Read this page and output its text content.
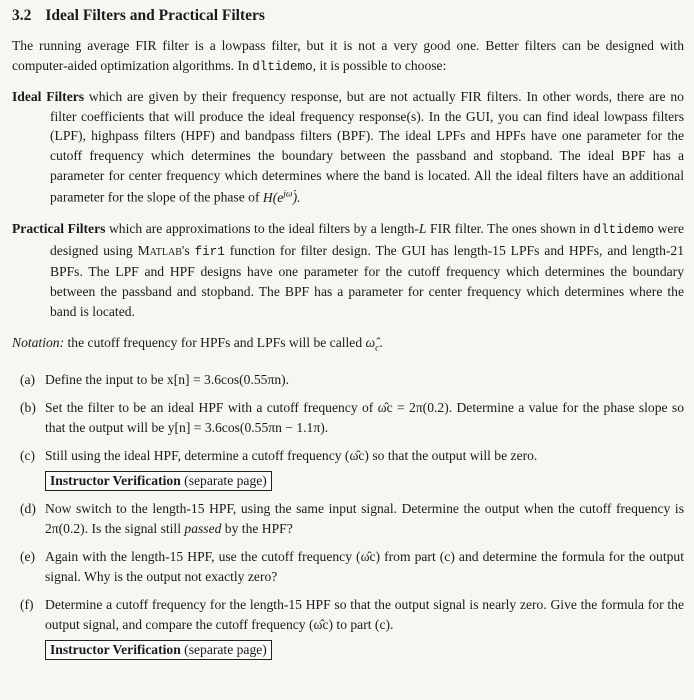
3.2 Ideal Filters and Practical Filters

The running average FIR filter is a lowpass filter, but it is not a very good one. Better filters can be designed with computer-aided optimization algorithms. In dltidemo, it is possible to choose:

Ideal Filters which are given by their frequency response, but are not actually FIR filters. In other words, there are no filter coefficients that will produce the ideal frequency response(s). In the GUI, you can find ideal lowpass filters (LPF), highpass filters (HPF) and bandpass filters (BPF). The ideal LPFs and HPFs have one parameter for the cutoff frequency which determines the boundary between the passband and stopband. The ideal BPF has a parameter for center frequency which determines where the band is located. All the ideal filters have an additional parameter for the slope of the phase of $H(e^{j\omegâ})$.

Practical Filters which are approximations to the ideal filters by a length-L FIR filter. The ones shown in dltidemo were designed using Matlab's fir1 function for filter design. The GUI has length-15 LPFs and HPFs, and length-21 BPFs. The LPF and HPF designs have one parameter for the cutoff frequency which determines the boundary between the passband and stopband. The BPF has a parameter for center frequency which determines where the band is located.

Notation: the cutoff frequency for HPFs and LPFs will be called $\omegâ_c$.

(a) Define the input to be x[n] = 3.6cos(0.55πn).
(b) Set the filter to be an ideal HPF with a cutoff frequency of ω̂c = 2π(0.2). Determine a value for the phase slope so that the output will be y[n] = 3.6cos(0.55πn − 1.1π).
(c) Still using the ideal HPF, determine a cutoff frequency (ω̂c) so that the output will be zero.
Instructor Verification (separate page)
(d) Now switch to the length-15 HPF, using the same input signal. Determine the output when the cutoff frequency is 2π(0.2). Is the signal still passed by the HPF?
(e) Again with the length-15 HPF, use the cutoff frequency (ω̂c) from part (c) and determine the formula for the output signal. Why is the output not exactly zero?
(f) Determine a cutoff frequency for the length-15 HPF so that the output signal is nearly zero. Give the formula for the output signal, and compare the cutoff frequency (ω̂c) to part (c).
Instructor Verification (separate page)
